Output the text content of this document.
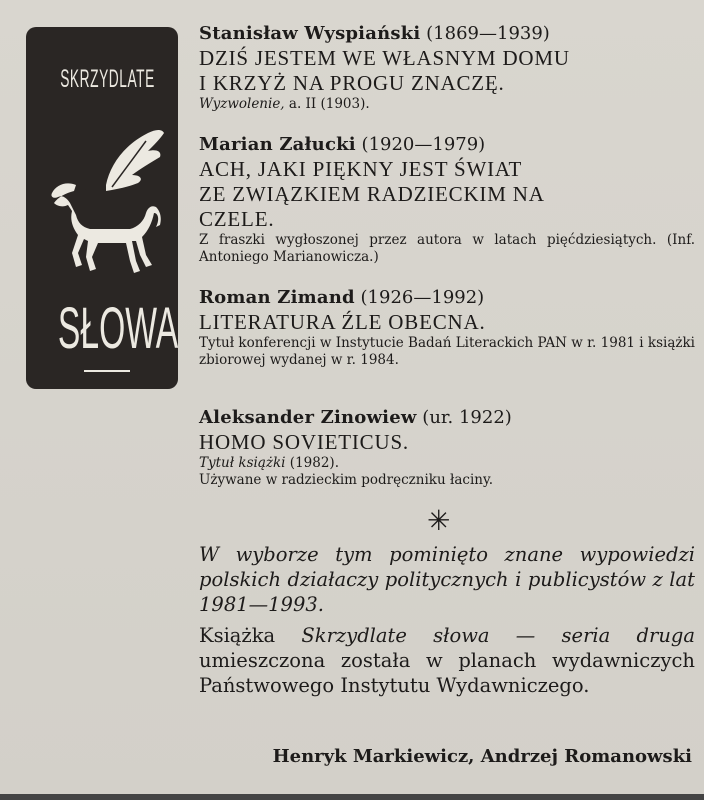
SKRZYDLATE
SŁOWA
Stanisław Wyspiański (1869—1939)
DZIŚ JESTEM WE WŁASNYM DOMU
I KRZYŻ NA PROGU ZNACZĘ.
Wyzwolenie, a. II (1903).
Marian Załucki (1920—1979)
ACH, JAKI PIĘKNY JEST ŚWIAT
ZE ZWIĄZKIEM RADZIECKIM NA
CZELE.
Z fraszki wygłoszonej przez autora w latach pięćdziesiątych. (Inf. Antoniego Marianowicza.)
Roman Zimand (1926—1992)
LITERATURA ŹLE OBECNA.
Tytuł konferencji w Instytucie Badań Literackich PAN w r. 1981 i książki zbiorowej wydanej w r. 1984.
Aleksander Zinowiew (ur. 1922)
HOMO SOVIETICUS.
Tytuł książki (1982).
Używane w radzieckim podręczniku łaciny.
✳

W wyborze tym pominięto znane wypowiedzi polskich działaczy politycznych i publicystów z lat 1981—1993.

Książka Skrzydlate słowa — seria druga umieszczona została w planach wydawniczych Państwowego Instytutu Wydawniczego.

Henryk Markiewicz, Andrzej Romanowski
